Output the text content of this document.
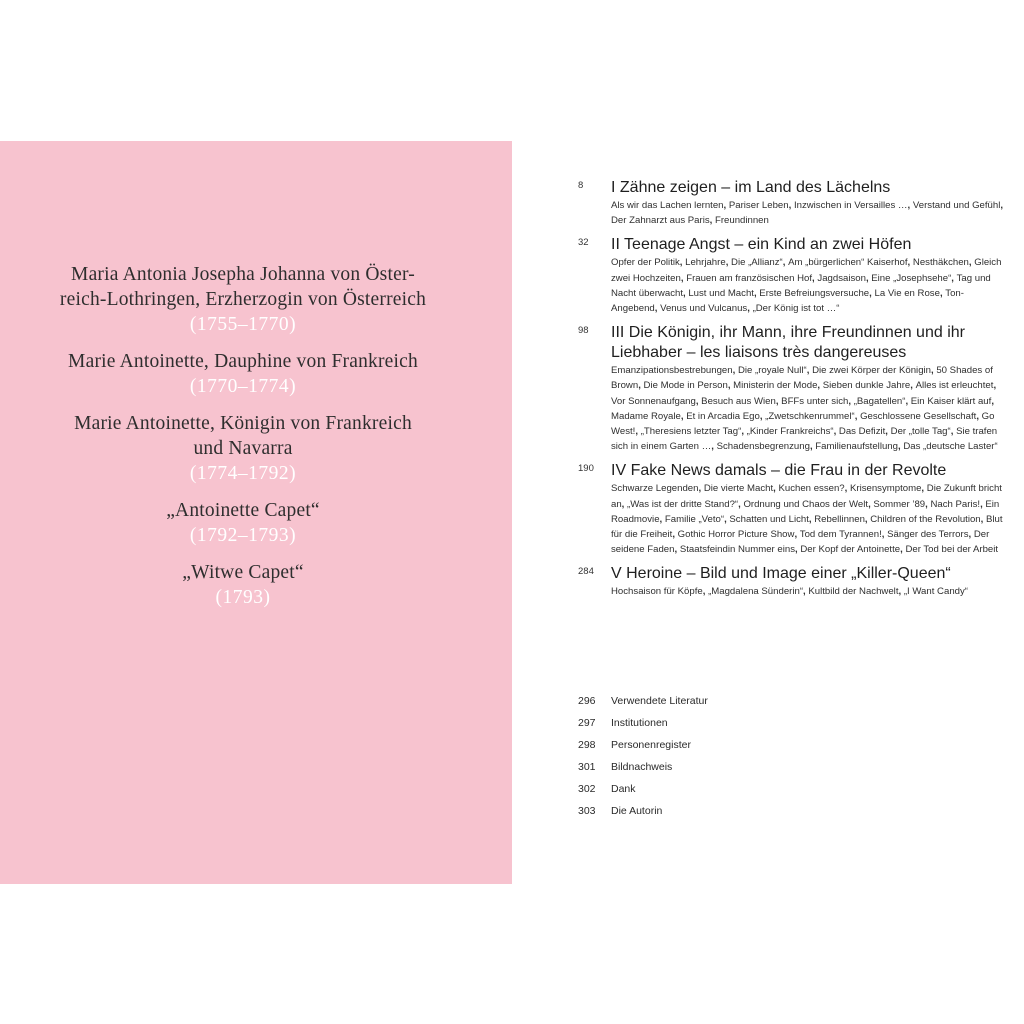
Maria Antonia Josepha Johanna von Öster-
reich-Lothringen, Erzherzogin von Österreich
(1755–1770)
Marie Antoinette, Dauphine von Frankreich
(1770–1774)
Marie Antoinette, Königin von Frankreich
und Navarra
(1774–1792)
„Antoinette Capet“
(1792–1793)
„Witwe Capet“
(1793)
8 I Zähne zeigen – im Land des Lächelns
Als wir das Lachen lernten , Pariser Leben , Inzwischen in Versailles … , Verstand und Gefühl , Der Zahnarzt aus Paris , Freundinnen
32 II Teenage Angst – ein Kind an zwei Höfen
Opfer der Politik , Lehrjahre , Die „Allianz“ , Am „bürgerlichen“ Kaiserhof , Nesthäkchen , Gleich zwei Hochzeiten , Frauen am französischen Hof , Jagdsaison , Eine „Josephsehe“ , Tag und Nacht überwacht , Lust und Macht , Erste Befreiungsversuche , La Vie en Rose , Ton-Angebend , Venus und Vulcanus , „Der König ist tot …“
98 III Die Königin, ihr Mann, ihre Freundinnen und ihr Liebhaber – les liaisons très dangereuses
Emanzipationsbestrebungen , Die „royale Null“ , Die zwei Körper der Königin , 50 Shades of Brown , Die Mode in Person , Ministerin der Mode , Sieben dunkle Jahre , Alles ist erleuchtet , Vor Sonnenaufgang , Besuch aus Wien , BFFs unter sich , „Bagatellen“ , Ein Kaiser klärt auf , Madame Royale , Et in Arcadia Ego , „Zwetschkenrummel“ , Geschlossene Gesellschaft , Go West! , „Theresiens letzter Tag“ , „Kinder Frankreichs“ , Das Defizit , Der „tolle Tag“ , Sie trafen sich in einem Garten … , Schadensbegrenzung , Familienaufstellung , Das „deutsche Laster“
190 IV Fake News damals – die Frau in der Revolte
Schwarze Legenden , Die vierte Macht , Kuchen essen? , Krisensymptome , Die Zukunft bricht an , „Was ist der dritte Stand?“ , Ordnung und Chaos der Welt , Sommer ’89 , Nach Paris! , Ein Roadmovie , Familie „Veto“ , Schatten und Licht , Rebellinnen , Children of the Revolution , Blut für die Freiheit , Gothic Horror Picture Show , Tod dem Tyrannen! , Sänger des Terrors , Der seidene Faden , Staatsfeindin Nummer eins , Der Kopf der Antoinette , Der Tod bei der Arbeit
284 V Heroine – Bild und Image einer „Killer-Queen“
Hochsaison für Köpfe , „Magdalena Sünderin“ , Kultbild der Nachwelt , „I Want Candy“
296 Verwendete Literatur
297 Institutionen
298 Personenregister
301 Bildnachweis
302 Dank
303 Die Autorin
